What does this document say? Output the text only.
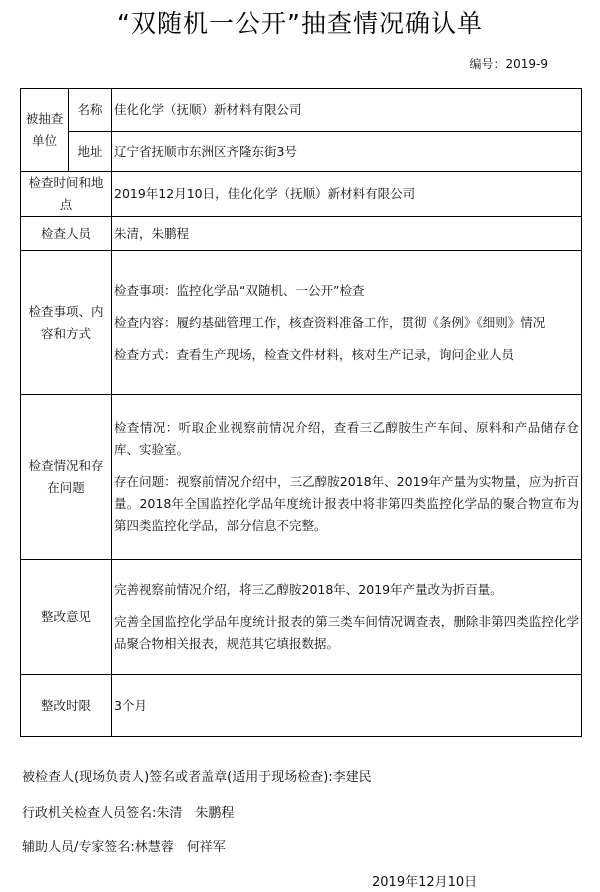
“双随机一公开”抽查情况确认单
编号：2019-9
被抽查单位	名称	佳化化学（抚顺）新材料有限公司
	地址	辽宁省抚顺市东洲区齐隆东街3号
检查时间和地点		2019年12月10日，佳化化学（抚顺）新材料有限公司
检查人员		朱清，朱鹏程
检查事项、内容和方式		检查事项：监控化学品“双随机、一公开”检查
检查内容：履约基础管理工作，核查资料准备工作，贯彻《条例》《细则》情况
检查方式：查看生产现场，检查文件材料，核对生产记录，询问企业人员

检查情况和存在问题		检查情况：听取企业视察前情况介绍，查看三乙醇胺生产车间、原料和产品储存仓库、实验室。
存在问题：视察前情况介绍中，三乙醇胺2018年、2019年产量为实物量，应为折百量。2018年全国监控化学品年度统计报表中将非第四类监控化学品的聚合物宣布为第四类监控化学品，部分信息不完整。

整改意见		完善视察前情况介绍，将三乙醇胺2018年、2019年产量改为折百量。
完善全国监控化学品年度统计报表的第三类车间情况调查表，删除非第四类监控化学品聚合物相关报表，规范其它填报数据。

整改时限		3个月
被检查人(现场负责人)签名或者盖章(适用于现场检查):李建民
行政机关检查人员签名:朱清　朱鹏程
辅助人员/专家签名:林慧蓉　何祥军
2019年12月10日
